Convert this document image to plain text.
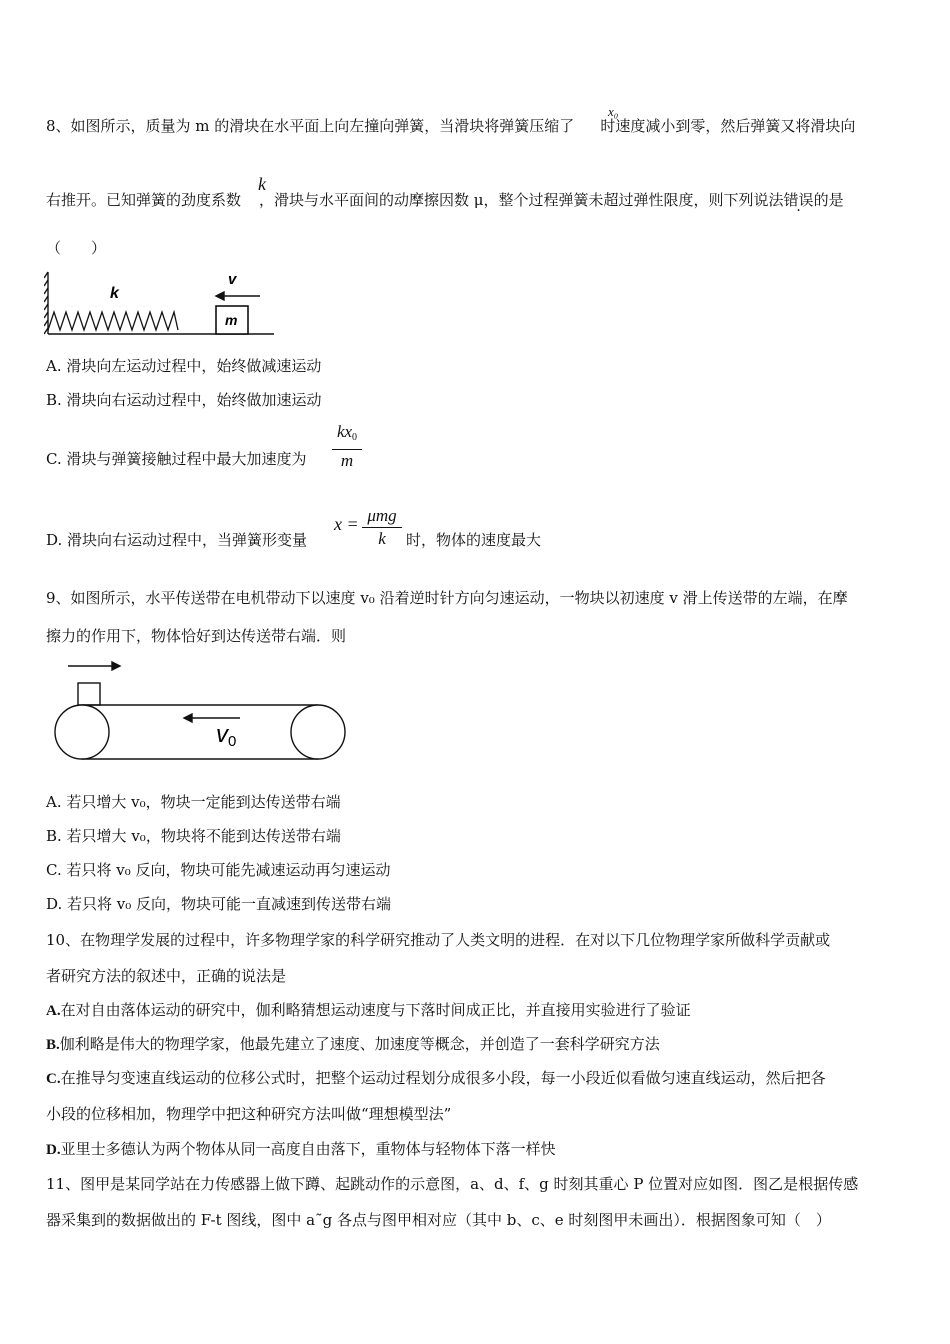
8、如图所示，质量为 m 的滑块在水平面上向左撞向弹簧，当滑块将弹簧压缩了 时速度减小到零，然后弹簧又将滑块向
x₀
右推开。已知弹簧的劲度系数 ，滑块与水平面间的动摩擦因数 μ，整个过程弹簧未超过弹性限度，则下列说法错误的是
k
（　　）
k
m
v
A. 滑块向左运动过程中，始终做减速运动
B. 滑块向右运动过程中，始终做加速运动
C. 滑块与弹簧接触过程中最大加速度为
$kx_0$
m
D. 滑块向右运动过程中，当弹簧形变量
x = μmg
k	时，物体的速度最大
9、如图所示，水平传送带在电机带动下以速度 v₀ 沿着逆时针方向匀速运动，一物块以初速度 v 滑上传送带的左端，在摩
擦力的作用下，物体恰好到达传送带右端．则
v0
A. 若只增大 v₀，物块一定能到达传送带右端
B. 若只增大 v₀，物块将不能到达传送带右端
C. 若只将 v₀ 反向，物块可能先减速运动再匀速运动
D. 若只将 v₀ 反向，物块可能一直减速到传送带右端
10、在物理学发展的过程中，许多物理学家的科学研究推动了人类文明的进程．在对以下几位物理学家所做科学贡献或
者研究方法的叙述中，正确的说法是
A.在对自由落体运动的研究中，伽利略猜想运动速度与下落时间成正比，并直接用实验进行了验证
B.伽利略是伟大的物理学家，他最先建立了速度、加速度等概念，并创造了一套科学研究方法
C.在推导匀变速直线运动的位移公式时，把整个运动过程划分成很多小段，每一小段近似看做匀速直线运动，然后把各
小段的位移相加，物理学中把这种研究方法叫做“理想模型法”
D.亚里士多德认为两个物体从同一高度自由落下，重物体与轻物体下落一样快
11、图甲是某同学站在力传感器上做下蹲、起跳动作的示意图，a、d、f、g 时刻其重心 P 位置对应如图．图乙是根据传感
器采集到的数据做出的 F-t 图线，图中 a˜g 各点与图甲相对应（其中 b、c、e 时刻图甲未画出）．根据图象可知（　）
